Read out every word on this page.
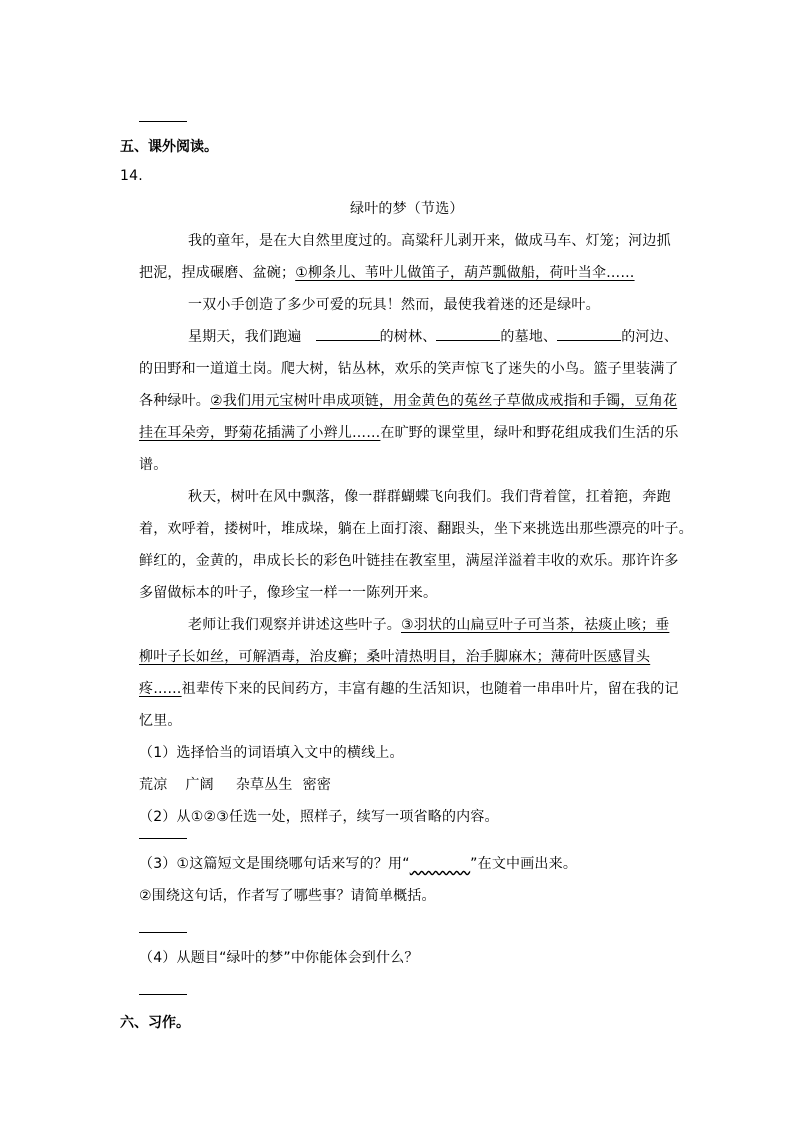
五、课外阅读。
14.
绿叶的梦（节选）
我的童年，是在大自然里度过的。高粱秆儿剥开来，做成马车、灯笼；河边抓
把泥，捏成碾磨、盆碗；①柳条儿、苇叶儿做笛子，葫芦瓢做船，荷叶当伞……
一双小手创造了多少可爱的玩具！然而，最使我着迷的还是绿叶。
星期天，我们跑遍	的树林、	的墓地、	的河边、
的田野和一道道土岗。爬大树，钻丛林，欢乐的笑声惊飞了迷失的小鸟。篮子里装满了
各种绿叶。②我们用元宝树叶串成项链，用金黄色的菟丝子草做成戒指和手镯，豆角花
挂在耳朵旁，野菊花插满了小辫儿……在旷野的课堂里，绿叶和野花组成我们生活的乐
谱。
秋天，树叶在风中飘落，像一群群蝴蝶飞向我们。我们背着筐，扛着筢，奔跑
着，欢呼着，搂树叶，堆成垛，躺在上面打滚、翻跟头，坐下来挑选出那些漂亮的叶子。
鲜红的，金黄的，串成长长的彩色叶链挂在教室里，满屋洋溢着丰收的欢乐。那许许多
多留做标本的叶子，像珍宝一样一一陈列开来。
老师让我们观察并讲述这些叶子。③羽状的山扁豆叶子可当茶，祛痰止咳；垂
柳叶子长如丝，可解酒毒，治皮癣；桑叶清热明目，治手脚麻木；薄荷叶医感冒头
疼……祖辈传下来的民间药方，丰富有趣的生活知识，也随着一串串叶片，留在我的记
忆里。
（1）选择恰当的词语填入文中的横线上。
荒凉 广阔 杂草丛生 密密
（2）从①②③任选一处，照样子，续写一项省略的内容。
（3）①这篇短文是围绕哪句话来写的？用“	”在文中画出来。
②围绕这句话，作者写了哪些事？请简单概括。
（4）从题目“绿叶的梦”中你能体会到什么？
六、习作。
